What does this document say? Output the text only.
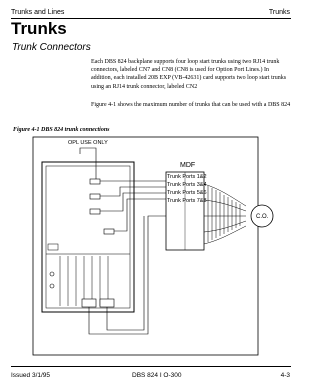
Trunks and Lines	Trunks
Trunks
Trunk Connectors

Each DBS 824 backplane supports four loop start trunks using two RJ14 trunk connectors, labeled CN7 and CN8 (CN8 is used for Option Port Lines.) In addition, each installed 20B EXP (VB-42631) card supports two loop start trunks using an RJ14 trunk connector, labeled CN2

Figure 4-1 shows the maximum number of trunks that can be used with a DBS 824

Figure 4-1 DBS 824 trunk connections
OPL USE ONLY
MDF
Trunk Ports 1&2
Trunk Ports 3&4
Trunk Ports 5&6
Trunk Ports 7&8
C.O.
Issued 3/1/95	DBS 824 I O-300	4-3
